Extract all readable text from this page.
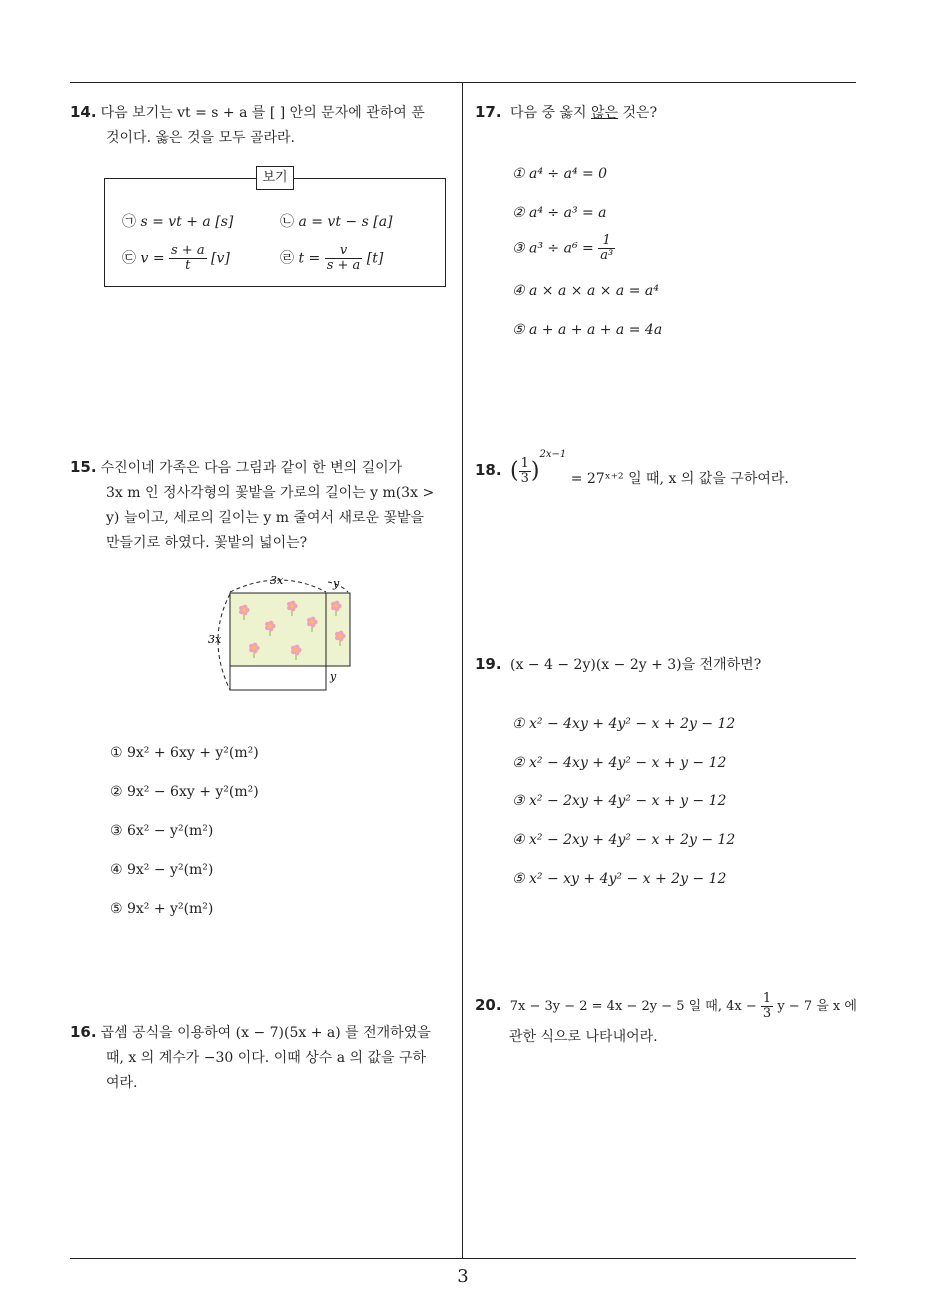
14. 다음 보기는 vt = s + a 를 [ ] 안의 문자에 관하여 푼
것이다. 옳은 것을 모두 골라라.
보기
㉠ s = vt + a [s]	㉡ a = vt − s [a]
㉢ $v = \frac{s + a}{t} [v]$	㉣ $t = \frac{v}{s + a} [t]$
15. 수진이네 가족은 다음 그림과 같이 한 변의 길이가
3x m 인 정사각형의 꽃밭을 가로의 길이는 y m(3x >
y) 늘이고, 세로의 길이는 y m 줄여서 새로운 꽃밭을
만들기로 하였다. 꽃밭의 넓이는?
3x	y
3x
y
① 9x² + 6xy + y²(m²)
② 9x² − 6xy + y²(m²)
③ 6x² − y²(m²)
④ 9x² − y²(m²)
⑤ 9x² + y²(m²)
16. 곱셈 공식을 이용하여 (x − 7)(5x + a) 를 전개하였을
때, x 의 계수가 −30 이다. 이때 상수 a 의 값을 구하
여라.
17. 다음 중 옳지 않은 것은?
① a⁴ ÷ a⁴ = 0
② a⁴ ÷ a³ = a
③ $a^3 \div a^6 = \frac{1}{\text{a³}}$
④ a × a × a × a = a⁴
⑤ a + a + a + a = 4a
18. ( $\frac{1}{3} )^{2x-1}$ = 27ˣ⁺² 일 때, x 의 값을 구하여라.
19. (x − 4 − 2y)(x − 2y + 3)을 전개하면?
① x² − 4xy + 4y² − x + 2y − 12
② x² − 4xy + 4y² − x + y − 12
③ x² − 2xy + 4y² − x + y − 12
④ x² − 2xy + 4y² − x + 2y − 12
⑤ x² − xy + 4y² − x + 2y − 12
20. 7x − 3y − 2 = 4x − 2y − 5 일 때, $4x - \frac{1}{3}$ y − 7 을 x 에
관한 식으로 나타내어라.
3
